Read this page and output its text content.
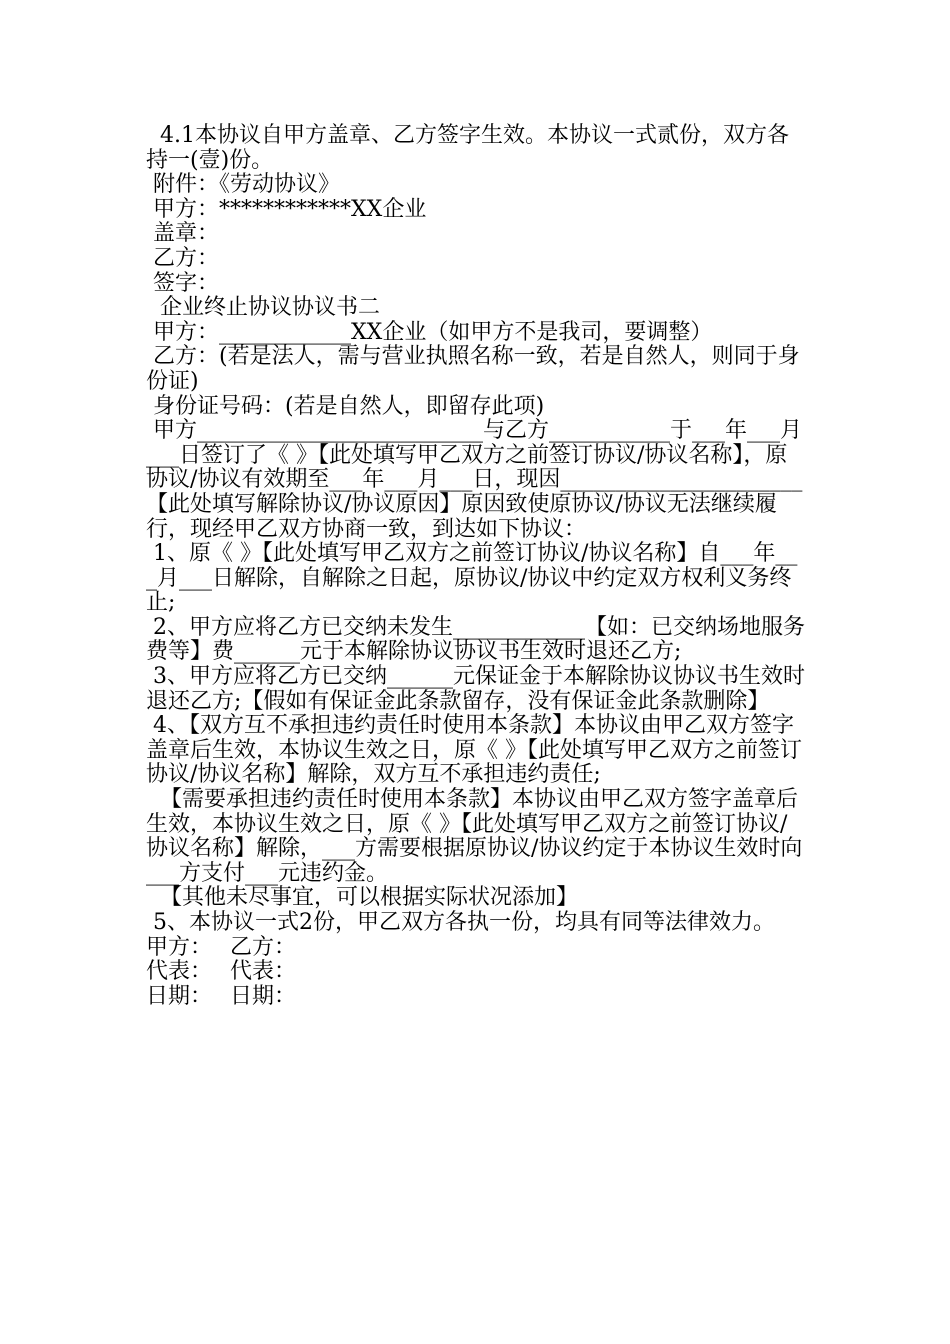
4.1本协议自甲方盖章、乙方签字生效。本协议一式贰份，双方各持一(壹)份。

附件：《劳动协议》

甲方：************XX企业

盖章：

乙方：

签字：

企业终止协议协议书二

甲方：____________XX企业（如甲方不是我司，要调整）

乙方：(若是法人，需与营业执照名称一致，若是自然人，则同于身份证)

身份证号码：(若是自然人，即留存此项)

甲方__________________________与乙方___________于___年___月___日签订了《 》【此处填写甲乙双方之前签订协议/协议名称】，原协议/协议有效期至___年___月___日，现因______________________【此处填写解除协议/协议原因】原因致使原协议/协议无法继续履行，现经甲乙双方协商一致，到达如下协议：

1、原《 》【此处填写甲乙双方之前签订协议/协议名称】自___年___月___日解除，自解除之日起，原协议/协议中约定双方权利义务终止;

2、甲方应将乙方已交纳未发生____________【如：已交纳场地服务费等】费______元于本解除协议协议书生效时退还乙方;

3、甲方应将乙方已交纳______元保证金于本解除协议协议书生效时退还乙方;【假如有保证金此条款留存，没有保证金此条款删除】

4、【双方互不承担违约责任时使用本条款】本协议由甲乙双方签字盖章后生效，本协议生效之日，原《 》【此处填写甲乙双方之前签订协议/协议名称】解除，双方互不承担违约责任;

【需要承担违约责任时使用本条款】本协议由甲乙双方签字盖章后生效，本协议生效之日，原《 》【此处填写甲乙双方之前签订协议/协议名称】解除，___方需要根据原协议/协议约定于本协议生效时向___方支付___元违约金。

【其他未尽事宜，可以根据实际状况添加】

5、本协议一式2份，甲乙双方各执一份，均具有同等法律效力。

甲方： 乙方：
代表： 代表：
日期： 日期：
